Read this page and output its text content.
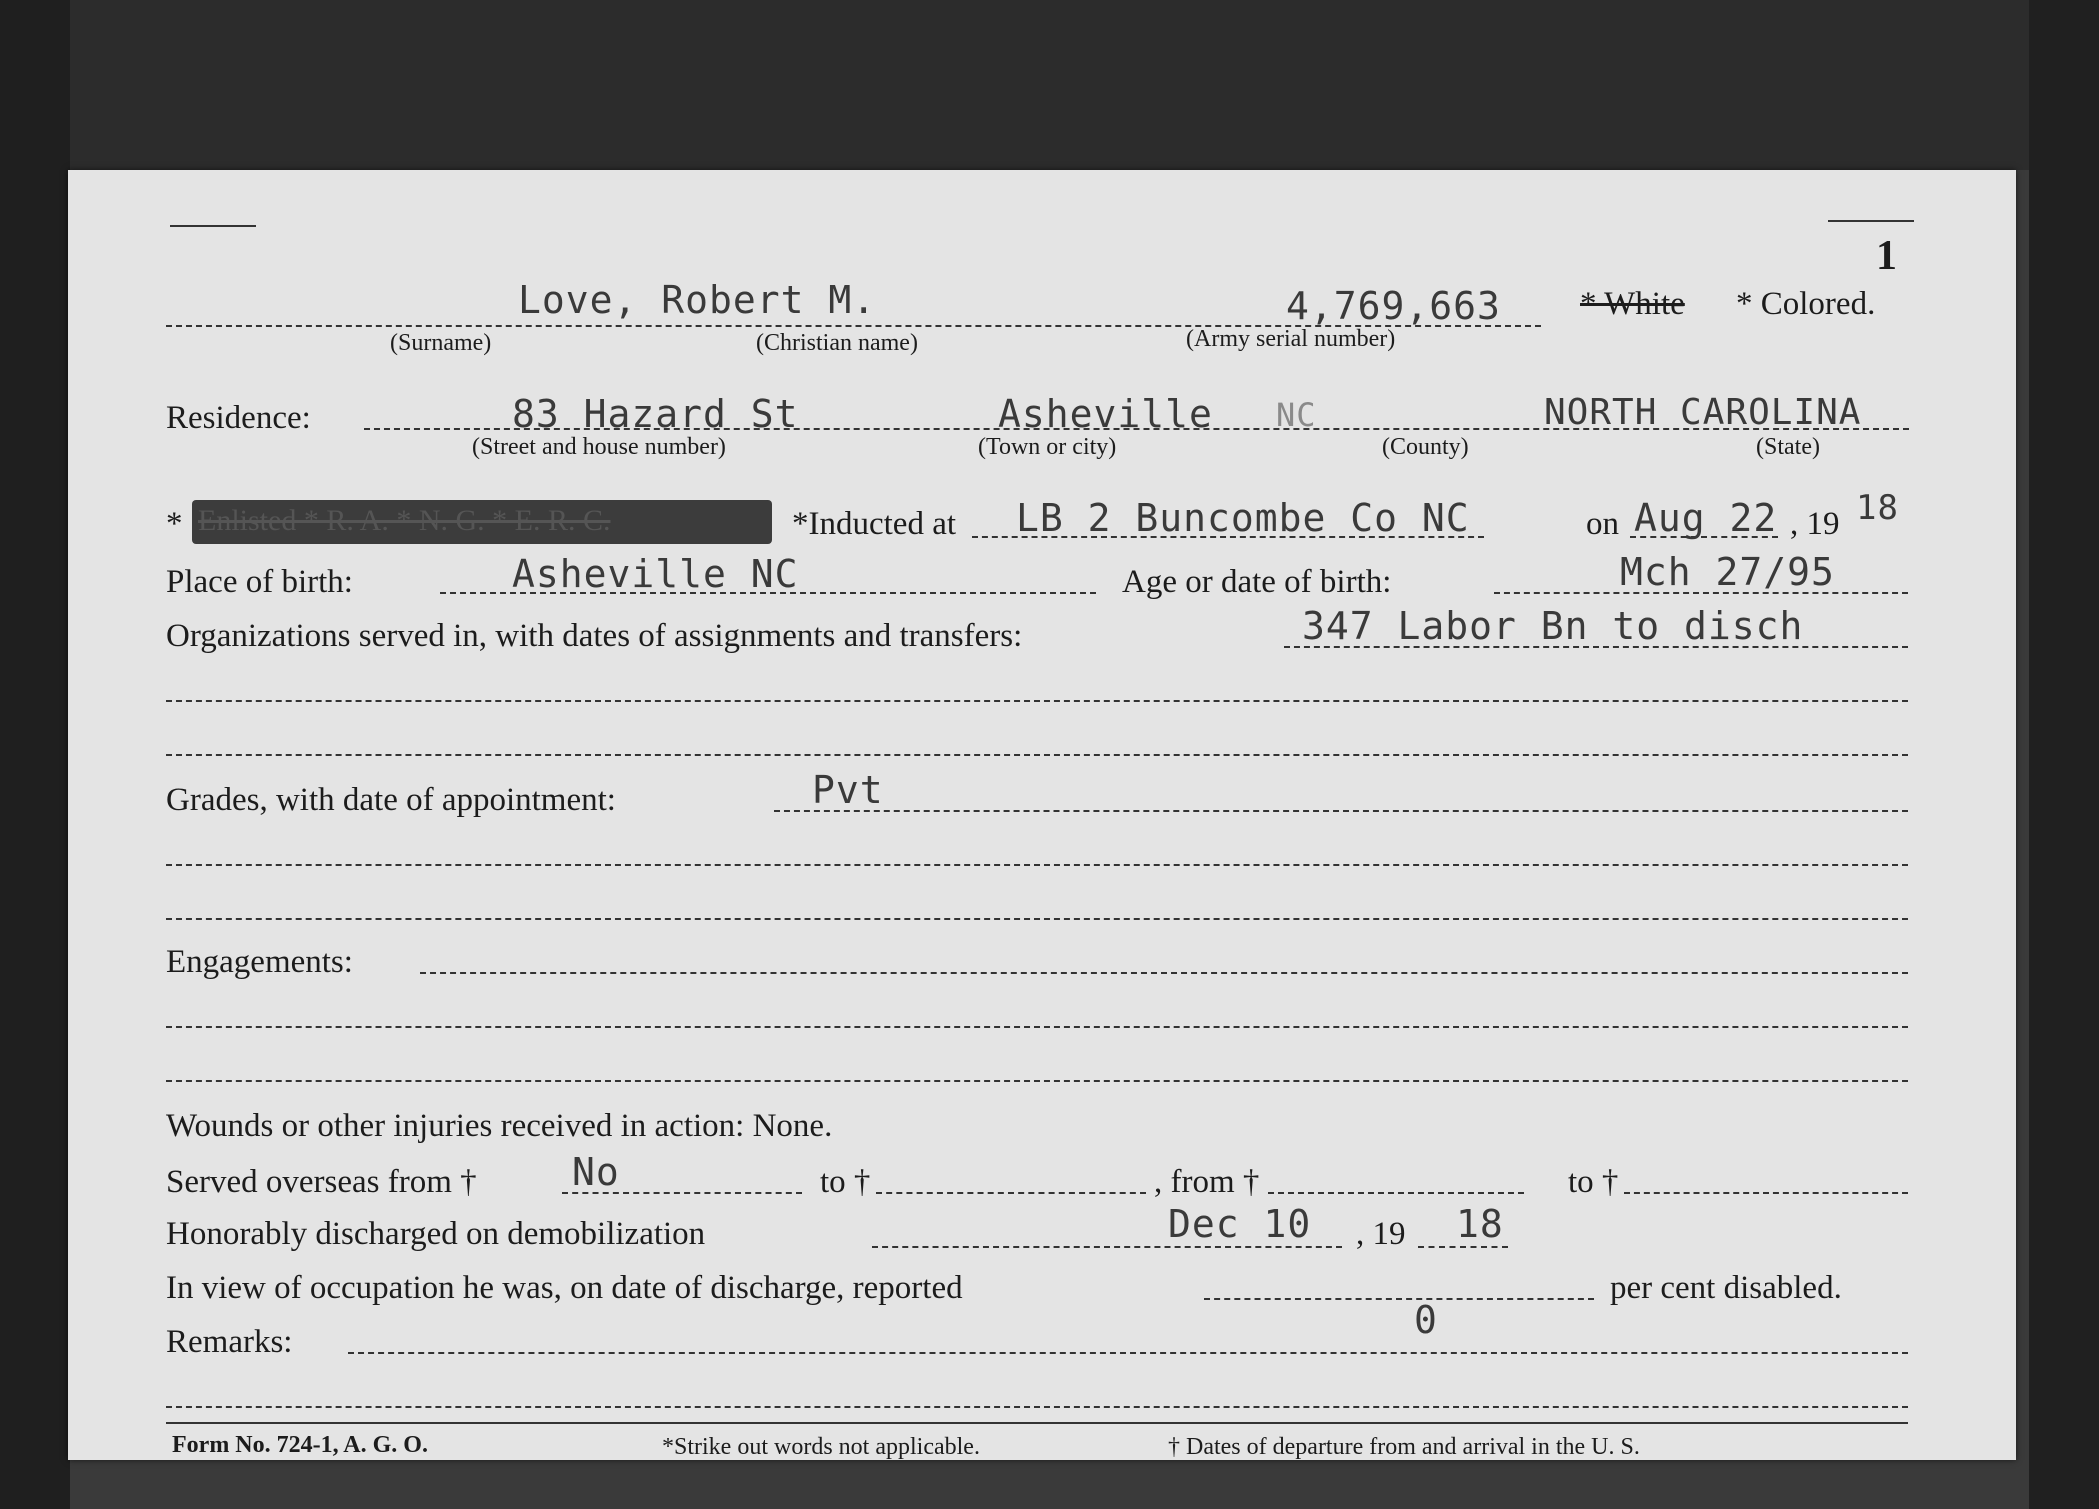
1
Love, Robert M.	4,769,663 * White * Colored.
(Surname)	(Christian name)	(Army serial number)
Residence:	83 Hazard St	Asheville NC	NORTH CAROLINA
(Street and house number)	(Town or city)	(County)	(State)
* Enlisted * R. A. * N. G. * E. R. C.	*Inducted at LB 2 Buncombe Co NC	on Aug 22 , 19 18
Place of birth:	Asheville NC	Age or date of birth:	Mch 27/95
Organizations served in, with dates of assignments and transfers:	347 Labor Bn to disch
Grades, with date of appointment:	Pvt
Engagements:
Wounds or other injuries received in action: None.
Served overseas from †	No	to †	, from †	to †
Honorably discharged on demobilization	Dec 10 , 19 18
In view of occupation he was, on date of discharge, reported
0
per cent disabled.
Remarks:
Form No. 724-1, A. G. O.	*Strike out words not applicable.	† Dates of departure from and arrival in the U. S.
